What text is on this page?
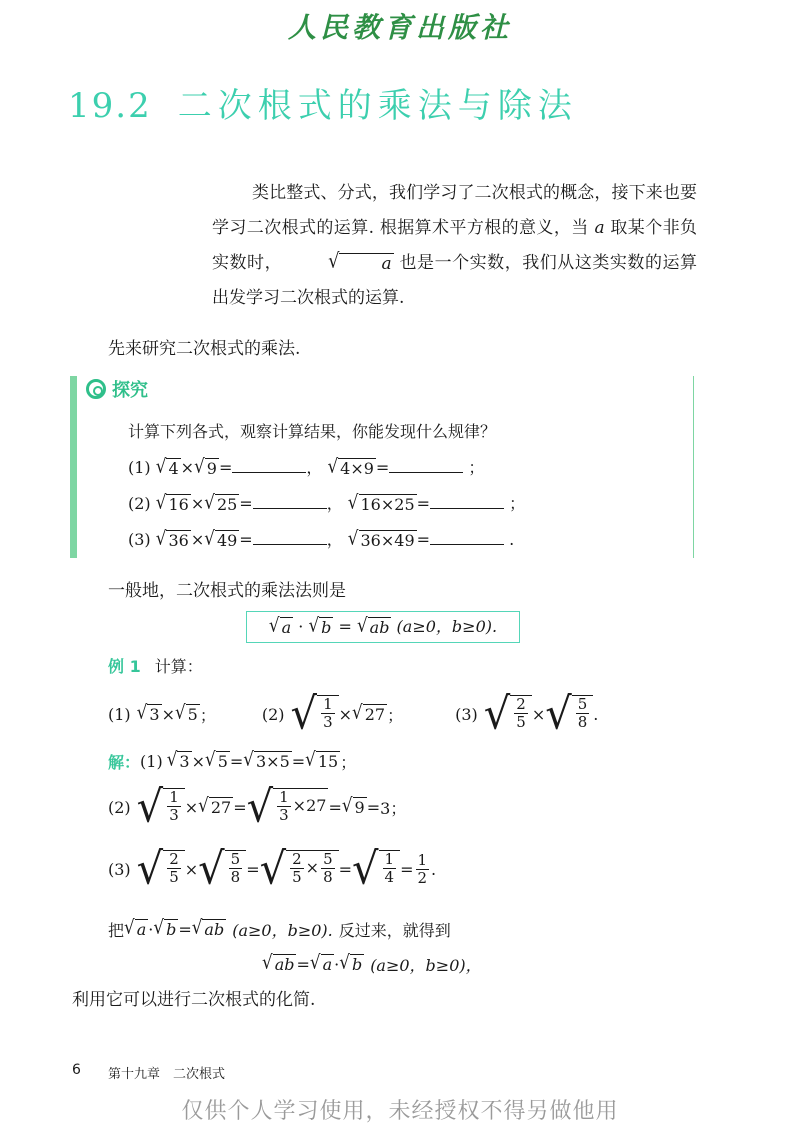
人民教育出版社
19.2 二次根式的乘法与除法
类比整式、分式，我们学习了二次根式的概念，接下来也要学习二次根式的运算. 根据算术平方根的意义，当 a 取某个非负实数时，	√	a 也是一个实数，我们从这类实数的运算出发学习二次根式的运算.
先来研究二次根式的乘法.
探究
计算下列各式，观察计算结果，你能发现什么规律？
(1) √ 4 × √ 9 =	， √ 4×9 =	；
(2) √ 16 × √ 25 =	， √ 16×25 =	；
(3) √ 36 × √ 49 =	， √ 36×49 =	.
一般地，二次根式的乘法法则是
√ a · √ b = √ ab (a≥0，b≥0).
例 1 计算：
(1) √ 3 × √ 5 ；	(2) √ $\frac{1}{3}$ × √ 27 ；	(3) √ $\frac{2}{5}$ × √ $\frac{5}{8}$ .
解： (1) √ 3 × √ 5 = √ 3×5 = √ 15 ；
(2) √ $\frac{1}{3}$ × √ 27 = √ $\frac{1}{3} \times 27$ = √ 9 = 3；
(3) √ $\frac{2}{5}$ × √ $\frac{5}{8}$ = √ $\frac{2}{5} \times \frac{5}{8}$ = √ $\frac{1}{4} = \frac{1}{2}$ .
把 √ a · √ b = √ ab (a≥0，b≥0). 反过来，就得到
√ ab = √ a · √ b (a≥0，b≥0)，
利用它可以进行二次根式的化简.
6 第十九章　二次根式
仅供个人学习使用，未经授权不得另做他用
